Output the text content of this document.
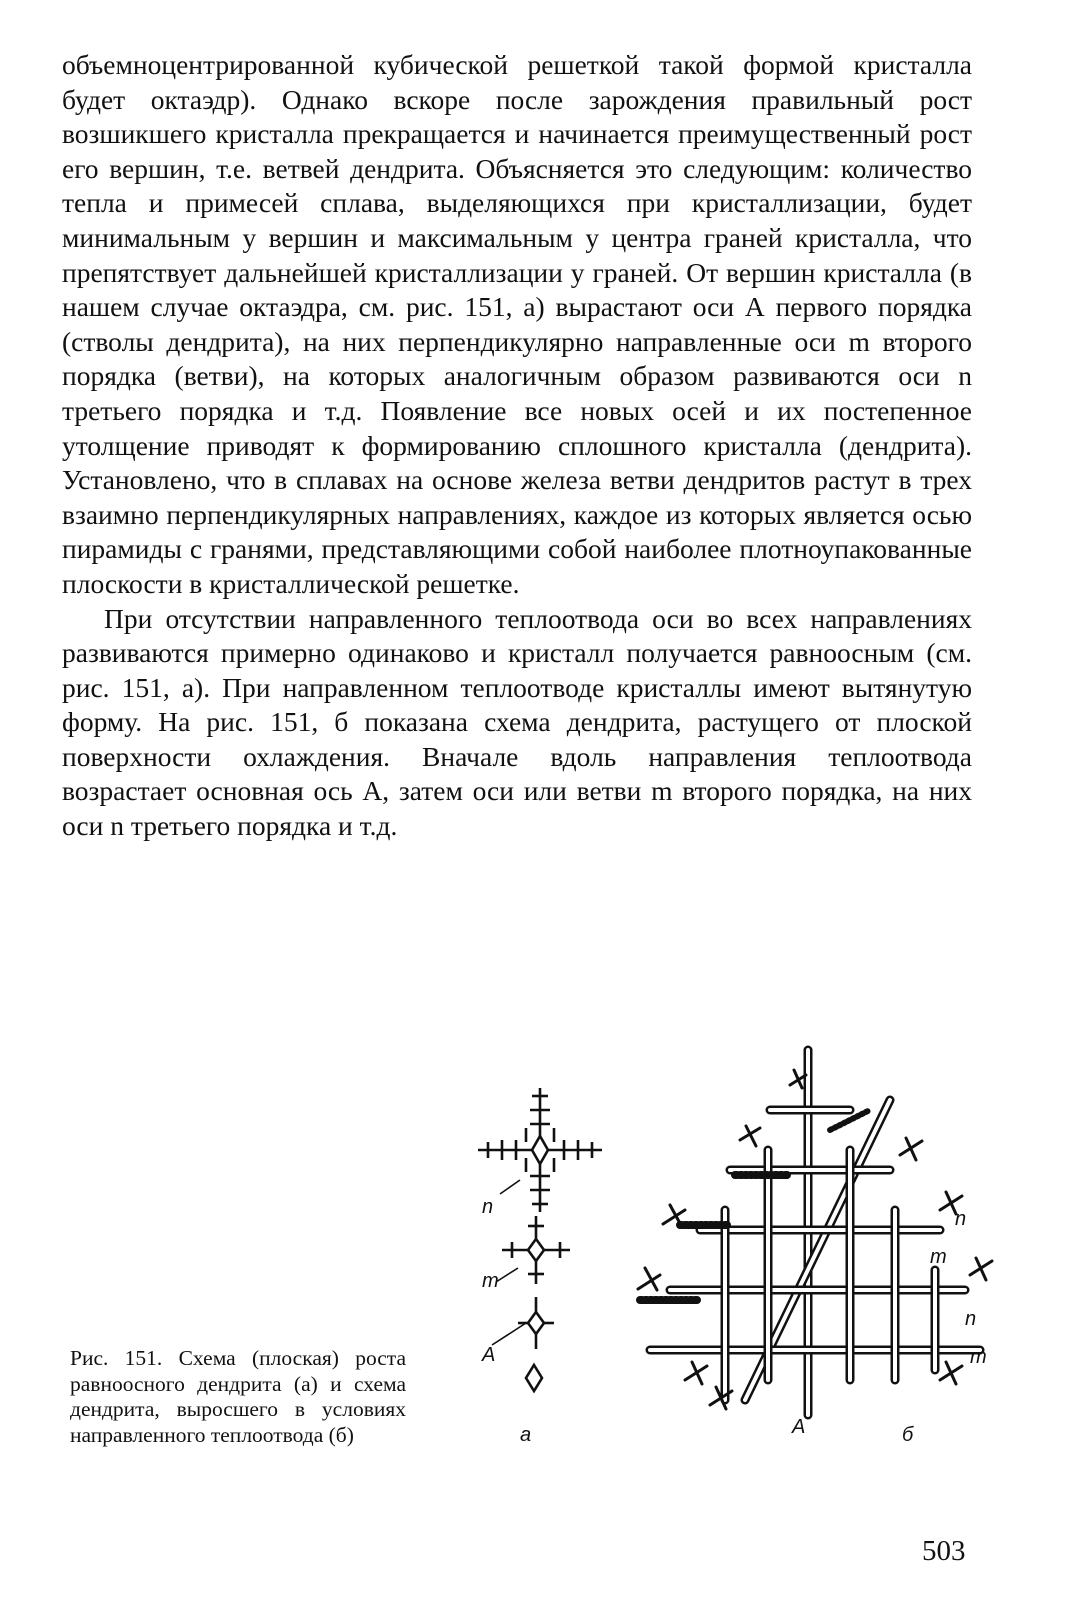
объемноцентрированной кубической решеткой такой формой кристалла будет октаэдр). Однако вскоре после зарождения правильный рост возшикшего кристалла прекращается и начинается преимущественный рост его вершин, т.е. ветвей дендрита. Объясняется это следующим: количество тепла и примесей сплава, выделяющихся при кристаллизации, будет минимальным у вершин и максимальным у центра граней кристалла, что препятствует дальнейшей кристаллизации у граней. От вершин кристалла (в нашем случае октаэдра, см. рис. 151, а) вырастают оси А первого порядка (стволы дендрита), на них перпендикулярно направленные оси m второго порядка (ветви), на которых аналогичным образом развиваются оси n третьего порядка и т.д. Появление все новых осей и их постепенное утолщение приводят к формированию сплошного кристалла (дендрита). Установлено, что в сплавах на основе железа ветви дендритов растут в трех взаимно перпендикулярных направлениях, каждое из которых является осью пирамиды с гранями, представляющими собой наиболее плотноупакованные плоскости в кристаллической решетке.

При отсутствии направленного теплоотвода оси во всех направлениях развиваются примерно одинаково и кристалл получается равноосным (см. рис. 151, а). При направленном теплоотводе кристаллы имеют вытянутую форму. На рис. 151, б показана схема дендрита, растущего от плоской поверхности охлаждения. Вначале вдоль направления теплоотвода возрастает основная ось А, затем оси или ветви m второго порядка, на них оси n третьего порядка и т.д.

n
m
A
а
n
m
n
m
A	б
Рис. 151. Схема (плоская) роста равноосного дендрита (а) и схема дендрита, выросшего в условиях направленного теплоотвода (б)
503
